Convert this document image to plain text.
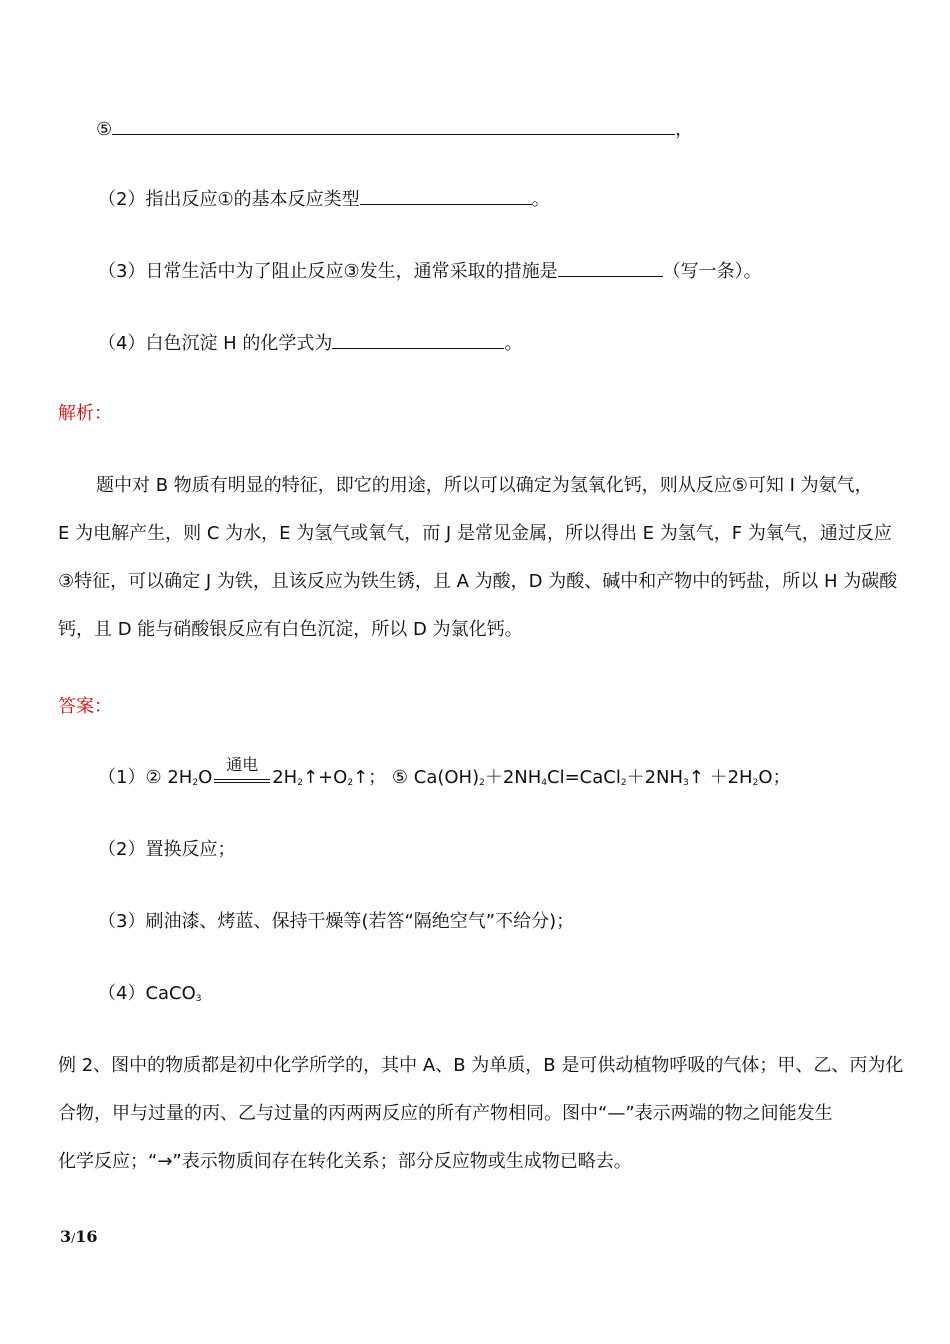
⑤	，
（2）指出反应①的基本反应类型	。
（3）日常生活中为了阻止反应③发生，通常采取的措施是	（写一条）。
（4）白色沉淀 H 的化学式为	。
解析：
题中对 B 物质有明显的特征，即它的用途，所以可以确定为氢氧化钙，则从反应⑤可知 I 为氨气，
E 为电解产生，则 C 为水，E 为氢气或氧气，而 J 是常见金属，所以得出 E 为氢气，F 为氧气，通过反应
③特征，可以确定 J 为铁，且该反应为铁生锈，且 A 为酸，D 为酸、碱中和产物中的钙盐，所以 H 为碳酸
钙，且 D 能与硝酸银反应有白色沉淀，所以 D 为氯化钙。
答案：
（1）② $2H_2O$
通电
$2H_2↑+O_2↑$； ⑤ $Ca(OH)_2+2NH_4Cl=CaCl_2+2NH_3↑ +2H_2O$；
（2）置换反应；
（3）刷油漆、烤蓝、保持干燥等(若答“隔绝空气”不给分)；
（4）CaCO$_3$
例 2、图中的物质都是初中化学所学的，其中 A、B 为单质，B 是可供动植物呼吸的气体；甲、乙、丙为化
合物，甲与过量的丙、乙与过量的丙两两反应的所有产物相同。图中“—”表示两端的物之间能发生
化学反应；“→”表示物质间存在转化关系；部分反应物或生成物已略去。
3/16
